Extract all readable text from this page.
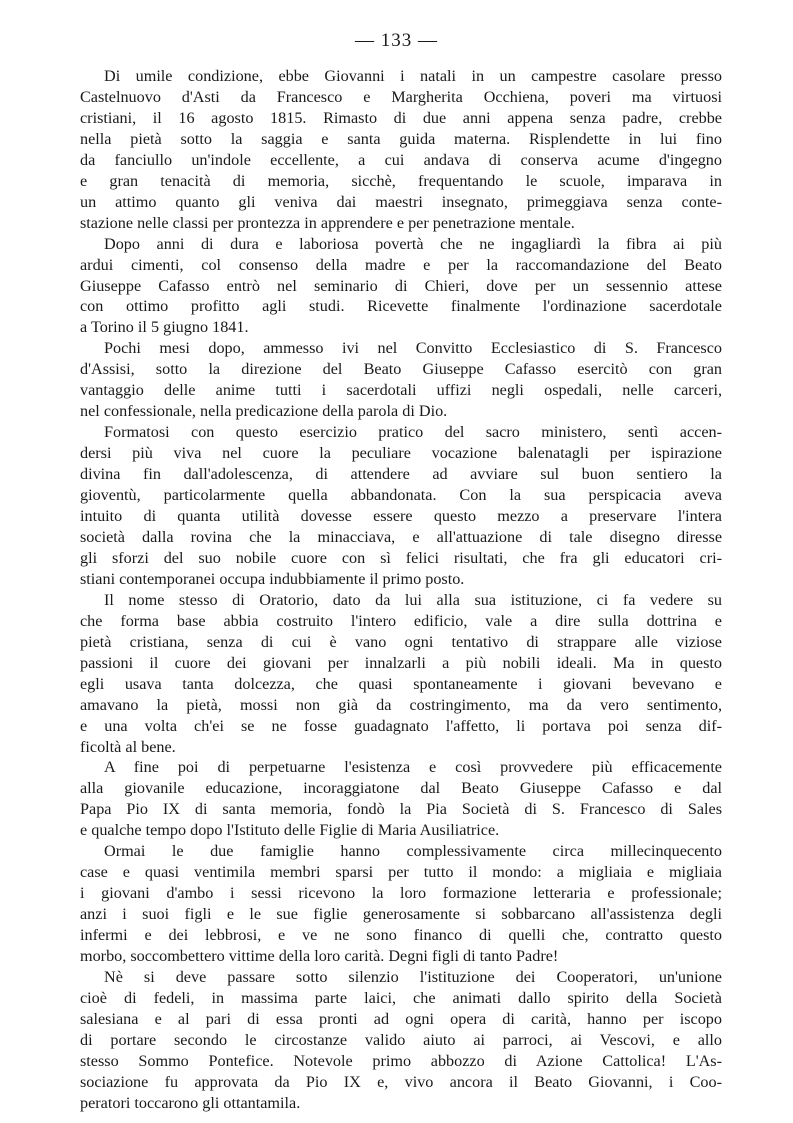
— 133 —
Di umile condizione, ebbe Giovanni i natali in un campestre casolare presso
Castelnuovo d'Asti da Francesco e Margherita Occhiena, poveri ma virtuosi
cristiani, il 16 agosto 1815. Rimasto di due anni appena senza padre, crebbe
nella pietà sotto la saggia e santa guida materna. Risplendette in lui fino
da fanciullo un'indole eccellente, a cui andava di conserva acume d'ingegno
e gran tenacità di memoria, sicchè, frequentando le scuole, imparava in
un attimo quanto gli veniva dai maestri insegnato, primeggiava senza conte-
stazione nelle classi per prontezza in apprendere e per penetrazione mentale.
Dopo anni di dura e laboriosa povertà che ne ingagliardì la fibra ai più
ardui cimenti, col consenso della madre e per la raccomandazione del Beato
Giuseppe Cafasso entrò nel seminario di Chieri, dove per un sessennio attese
con ottimo profitto agli studi. Ricevette finalmente l'ordinazione sacerdotale
a Torino il 5 giugno 1841.
Pochi mesi dopo, ammesso ivi nel Convitto Ecclesiastico di S. Francesco
d'Assisi, sotto la direzione del Beato Giuseppe Cafasso esercitò con gran
vantaggio delle anime tutti i sacerdotali uffizi negli ospedali, nelle carceri,
nel confessionale, nella predicazione della parola di Dio.
Formatosi con questo esercizio pratico del sacro ministero, sentì accen-
dersi più viva nel cuore la peculiare vocazione balenatagli per ispirazione
divina fin dall'adolescenza, di attendere ad avviare sul buon sentiero la
gioventù, particolarmente quella abbandonata. Con la sua perspicacia aveva
intuito di quanta utilità dovesse essere questo mezzo a preservare l'intera
società dalla rovina che la minacciava, e all'attuazione di tale disegno diresse
gli sforzi del suo nobile cuore con sì felici risultati, che fra gli educatori cri-
stiani contemporanei occupa indubbiamente il primo posto.
Il nome stesso di Oratorio, dato da lui alla sua istituzione, ci fa vedere su
che forma base abbia costruito l'intero edificio, vale a dire sulla dottrina e
pietà cristiana, senza di cui è vano ogni tentativo di strappare alle viziose
passioni il cuore dei giovani per innalzarli a più nobili ideali. Ma in questo
egli usava tanta dolcezza, che quasi spontaneamente i giovani bevevano e
amavano la pietà, mossi non già da costringimento, ma da vero sentimento,
e una volta ch'ei se ne fosse guadagnato l'affetto, li portava poi senza dif-
ficoltà al bene.
A fine poi di perpetuarne l'esistenza e così provvedere più efficacemente
alla giovanile educazione, incoraggiatone dal Beato Giuseppe Cafasso e dal
Papa Pio IX di santa memoria, fondò la Pia Società di S. Francesco di Sales
e qualche tempo dopo l'Istituto delle Figlie di Maria Ausiliatrice.
Ormai le due famiglie hanno complessivamente circa millecinquecento
case e quasi ventimila membri sparsi per tutto il mondo: a migliaia e migliaia
i giovani d'ambo i sessi ricevono la loro formazione letteraria e professionale;
anzi i suoi figli e le sue figlie generosamente si sobbarcano all'assistenza degli
infermi e dei lebbrosi, e ve ne sono financo di quelli che, contratto questo
morbo, soccombettero vittime della loro carità. Degni figli di tanto Padre!
Nè si deve passare sotto silenzio l'istituzione dei Cooperatori, un'unione
cioè di fedeli, in massima parte laici, che animati dallo spirito della Società
salesiana e al pari di essa pronti ad ogni opera di carità, hanno per iscopo
di portare secondo le circostanze valido aiuto ai parroci, ai Vescovi, e allo
stesso Sommo Pontefice. Notevole primo abbozzo di Azione Cattolica! L'As-
sociazione fu approvata da Pio IX e, vivo ancora il Beato Giovanni, i Coo-
peratori toccarono gli ottantamila.
